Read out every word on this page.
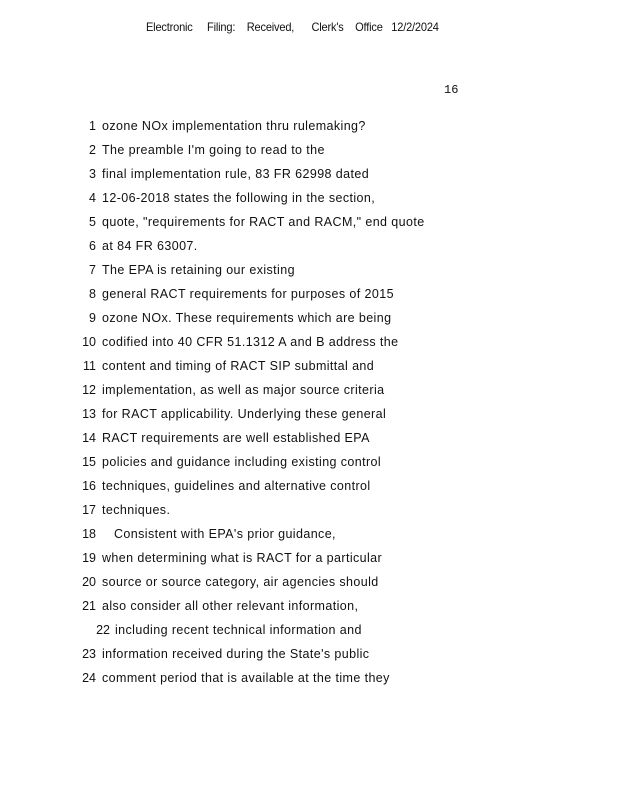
Electronic     Filing:    Received,      Clerk's    Office   12/2/2024
16
1 ozone NOx implementation thru rulemaking?
2 The preamble I'm going to read to the
3 final implementation rule, 83 FR 62998 dated
4 12-06-2018 states the following in the section,
5 quote, "requirements for RACT and RACM," end quote
6 at 84 FR 63007.
7 The EPA is retaining our existing
8 general RACT requirements for purposes of 2015
9 ozone NOx. These requirements which are being
10 codified into 40 CFR 51.1312 A and B address the
11 content and timing of RACT SIP submittal and
12 implementation, as well as major source criteria
13 for RACT applicability. Underlying these general
14 RACT requirements are well established EPA
15 policies and guidance including existing control
16 techniques, guidelines and alternative control
17 techniques.
18 Consistent with EPA's prior guidance,
19 when determining what is RACT for a particular
20 source or source category, air agencies should
21 also consider all other relevant information,
22 including recent technical information and
23 information received during the State's public
24 comment period that is available at the time they
